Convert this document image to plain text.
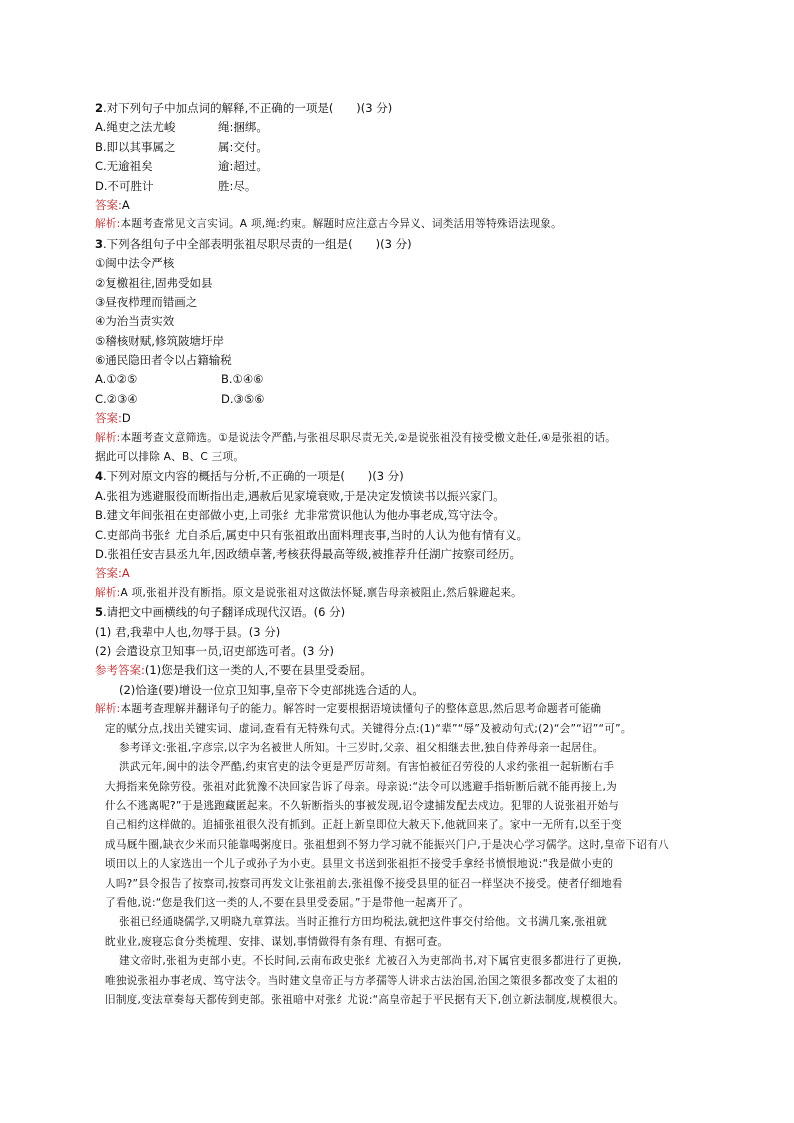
2.对下列句子中加点词的解释,不正确的一项是(　　)(3 分)
A.绳吏之法尤峻	绳:捆绑。
B.即以其事属之	属:交付。
C.无逾祖矣	逾:超过。
D.不可胜计	胜:尽。
答案:A
解析:本题考查常见文言实词。A 项,绳:约束。解题时应注意古今异义、词类活用等特殊语法现象。
3.下列各组句子中全部表明张祖尽职尽责的一组是(　　)(3 分)
①闽中法令严核
②复檄祖往,固弗受如县
③昼夜栉理而错画之
④为治当责实效
⑤稽核财赋,修筑陂塘圩岸
⑥通民隐田者令以占籍输税
A.①②⑤	B.①④⑥
C.②③④	D.③⑤⑥
答案:D
解析:本题考查文意筛选。①是说法令严酷,与张祖尽职尽责无关,②是说张祖没有接受檄文赴任,④是张祖的话。
据此可以排除 A、B、C 三项。
4.下列对原文内容的概括与分析,不正确的一项是(　　)(3 分)
A.张祖为逃避服役而断指出走,遇赦后见家境衰败,于是决定发愤读书以振兴家门。
B.建文年间张祖在吏部做小吏,上司张纟尤非常赏识他认为他办事老成,笃守法令。
C.吏部尚书张纟尤自杀后,属吏中只有张祖敢出面料理丧事,当时的人认为他有情有义。
D.张祖任安吉县丞九年,因政绩卓著,考核获得最高等级,被推荐升任湖广按察司经历。
答案:A
解析:A 项,张祖并没有断指。原文是说张祖对这做法怀疑,禀告母亲被阻止,然后躲避起来。
5.请把文中画横线的句子翻译成现代汉语。(6 分)
(1) 君,我辈中人也,勿辱于县。(3 分)
(2) 会遣设京卫知事一员,诏吏部选可者。(3 分)
参考答案:(1)您是我们这一类的人,不要在县里受委屈。
(2)恰逢(要)增设一位京卫知事,皇帝下令吏部挑选合适的人。
解析:本题考查理解并翻译句子的能力。解答时一定要根据语境读懂句子的整体意思,然后思考命题者可能确
定的赋分点,找出关键实词、虚词,查看有无特殊句式。关键得分点:(1)“辈”“辱”及被动句式;(2)“会”“诏”“可”。
参考译文:张祖,字彦宗,以字为名被世人所知。十三岁时,父亲、祖父相继去世,独自侍养母亲一起居住。
洪武元年,闽中的法令严酷,约束官吏的法令更是严厉苛刻。有害怕被征召劳役的人求约张祖一起斩断右手
大拇指来免除劳役。张祖对此犹豫不决回家告诉了母亲。母亲说:“法令可以逃避手指斩断后就不能再接上,为
什么不逃离呢?”于是逃跑藏匿起来。不久斩断指头的事被发现,诏令逮捕发配去戍边。犯罪的人说张祖开始与
自己相约这样做的。追捕张祖很久没有抓到。正赶上新皇即位大赦天下,他就回来了。家中一无所有,以至于变
成马厩牛圈,缺衣少米而只能靠喝粥度日。张祖想到不努力学习就不能振兴门户,于是决心学习儒学。这时,皇帝下诏有八
顷田以上的人家选出一个儿子或孙子为小吏。县里文书送到张祖拒不接受手拿经书愤恨地说:“我是做小吏的
人吗?”县令报告了按察司,按察司再发文让张祖前去,张祖像不接受县里的征召一样坚决不接受。使者仔细地看
了看他,说:“您是我们这一类的人,不要在县里受委屈。”于是带他一起离开了。
张祖已经通晓儒学,又明晓九章算法。当时正推行方田均税法,就把这件事交付给他。文书满几案,张祖就
眈业业,废寝忘食分类梳理、安排、谋划,事情做得有条有理、有据可查。
建文帝时,张祖为吏部小吏。不长时间,云南布政史张纟尤被召入为吏部尚书,对下属官吏很多都进行了更换,
唯独说张祖办事老成、笃守法令。当时建文皇帝正与方孝孺等人讲求古法治国,治国之策很多都改变了太祖的
旧制度,变法章奏每天都传到吏部。张祖暗中对张纟尤说:“高皇帝起于平民据有天下,创立新法制度,规模很大。
